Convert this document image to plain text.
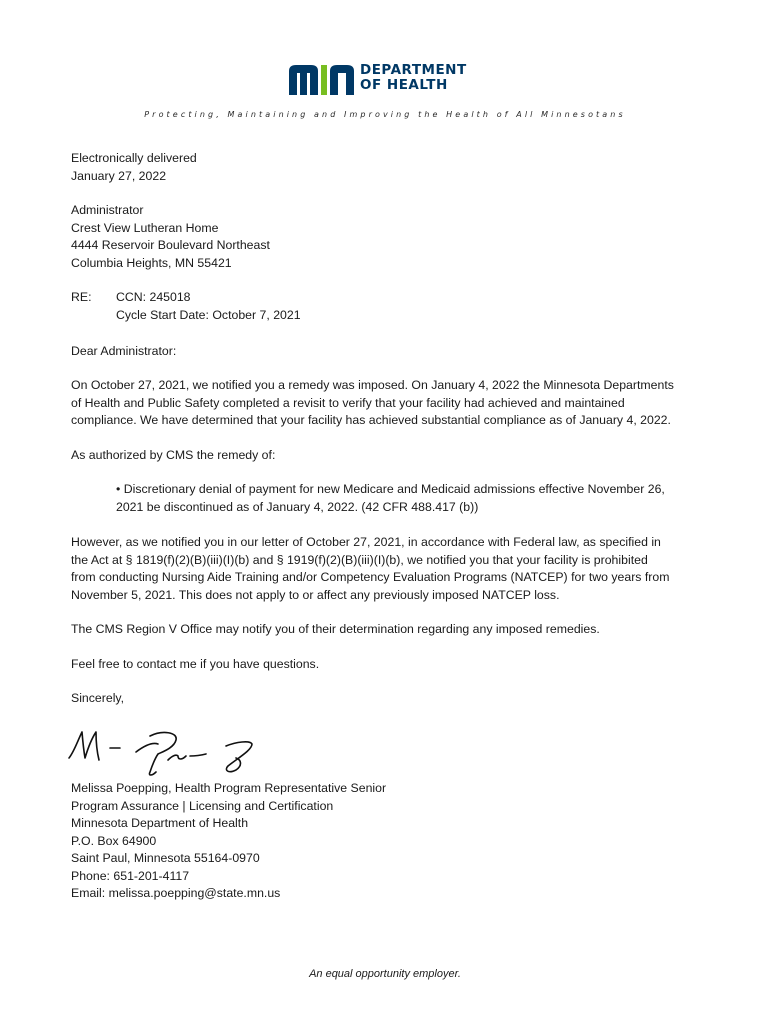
DEPARTMENT
OF HEALTH
Protecting, Maintaining and Improving the Health of All Minnesotans
Electronically delivered
January 27, 2022
Administrator
Crest View Lutheran Home
4444 Reservoir Boulevard Northeast
Columbia Heights, MN 55421
RE: CCN: 245018
Cycle Start Date: October 7, 2021
Dear Administrator:
On October 27, 2021, we notified you a remedy was imposed. On January 4, 2022 the Minnesota Departments
of Health and Public Safety completed a revisit to verify that your facility had achieved and maintained
compliance. We have determined that your facility has achieved substantial compliance as of January 4, 2022.
As authorized by CMS the remedy of:
• Discretionary denial of payment for new Medicare and Medicaid admissions effective November 26,
2021 be discontinued as of January 4, 2022. (42 CFR 488.417 (b))
However, as we notified you in our letter of October 27, 2021, in accordance with Federal law, as specified in
the Act at § 1819(f)(2)(B)(iii)(I)(b) and § 1919(f)(2)(B)(iii)(I)(b), we notified you that your facility is prohibited
from conducting Nursing Aide Training and/or Competency Evaluation Programs (NATCEP) for two years from
November 5, 2021. This does not apply to or affect any previously imposed NATCEP loss.
The CMS Region V Office may notify you of their determination regarding any imposed remedies.
Feel free to contact me if you have questions.
Sincerely,
Melissa Poepping, Health Program Representative Senior
Program Assurance | Licensing and Certification
Minnesota Department of Health
P.O. Box 64900
Saint Paul, Minnesota 55164-0970
Phone: 651-201-4117
Email: melissa.poepping@state.mn.us
An equal opportunity employer.
